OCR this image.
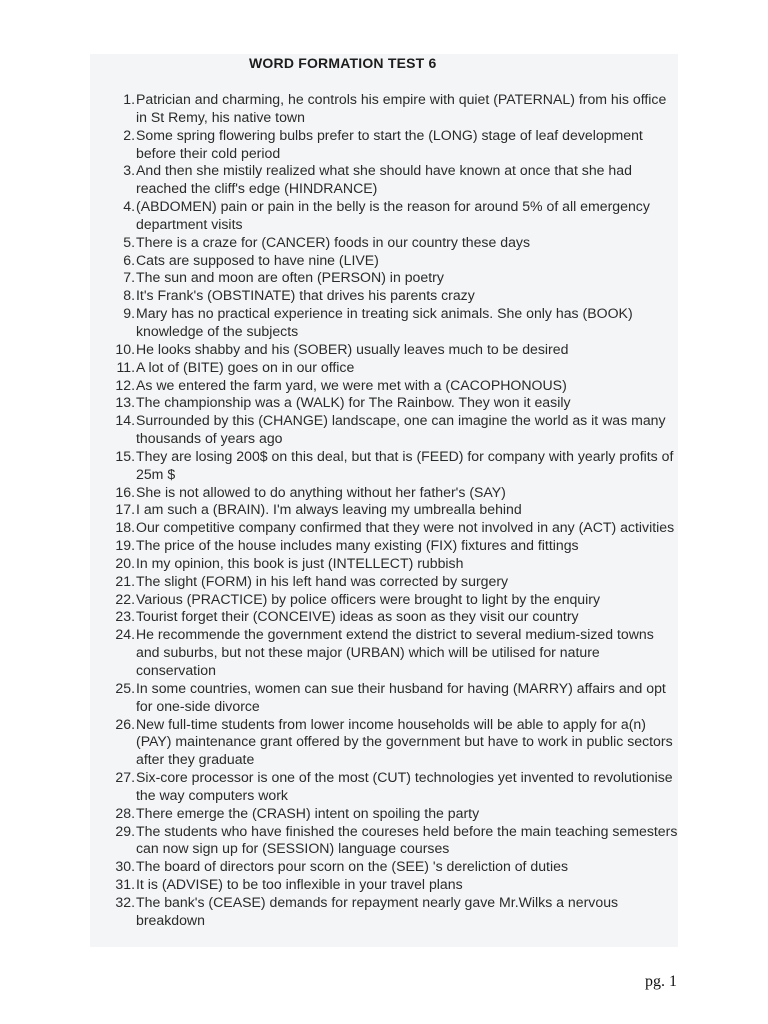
WORD FORMATION TEST 6
1. Patrician and charming, he controls his empire with quiet (PATERNAL) from his office in St Remy, his native town
2. Some spring flowering bulbs prefer to start the (LONG) stage of leaf development before their cold period
3. And then she mistily realized what she should have known at once that she had reached the cliff's edge (HINDRANCE)
4. (ABDOMEN) pain or pain in the belly is the reason for around 5% of all emergency department visits
5. There is a craze for (CANCER) foods in our country these days
6. Cats are supposed to have nine (LIVE)
7. The sun and moon are often (PERSON) in poetry
8. It's Frank's (OBSTINATE) that drives his parents crazy
9. Mary has no practical experience in treating sick animals. She only has (BOOK) knowledge of the subjects
10. He looks shabby and his (SOBER) usually leaves much to be desired
11. A lot of (BITE) goes on in our office
12. As we entered the farm yard, we were met with a (CACOPHONOUS)
13. The championship was a (WALK) for The Rainbow. They won it easily
14. Surrounded by this (CHANGE) landscape, one can imagine the world as it was many thousands of years ago
15. They are losing 200$ on this deal, but that is (FEED) for company with yearly profits of 25m $
16. She is not allowed to do anything without her father's (SAY)
17. I am such a (BRAIN). I'm always leaving my umbrealla behind
18. Our competitive company confirmed that they were not involved in any (ACT) activities
19. The price of the house includes many existing (FIX) fixtures and fittings
20. In my opinion, this book is just (INTELLECT) rubbish
21. The slight (FORM) in his left hand was corrected by surgery
22. Various (PRACTICE) by police officers were brought to light by the enquiry
23. Tourist forget their (CONCEIVE) ideas as soon as they visit our country
24. He recommende the government extend the district to several medium-sized towns and suburbs, but not these major (URBAN) which will be utilised for nature conservation
25. In some countries, women can sue their husband for having (MARRY) affairs and opt for one-side divorce
26. New full-time students from lower income households will be able to apply for a(n) (PAY) maintenance grant offered by the government but have to work in public sectors after they graduate
27. Six-core processor is one of the most (CUT) technologies yet invented to revolutionise the way computers work
28. There emerge the (CRASH) intent on spoiling the party
29. The students who have finished the coureses held before the main teaching semesters can now sign up for (SESSION) language courses
30. The board of directors pour scorn on the (SEE) 's dereliction of duties
31. It is (ADVISE) to be too inflexible in your travel plans
32. The bank's (CEASE) demands for repayment nearly gave Mr.Wilks a nervous breakdown
pg. 1
